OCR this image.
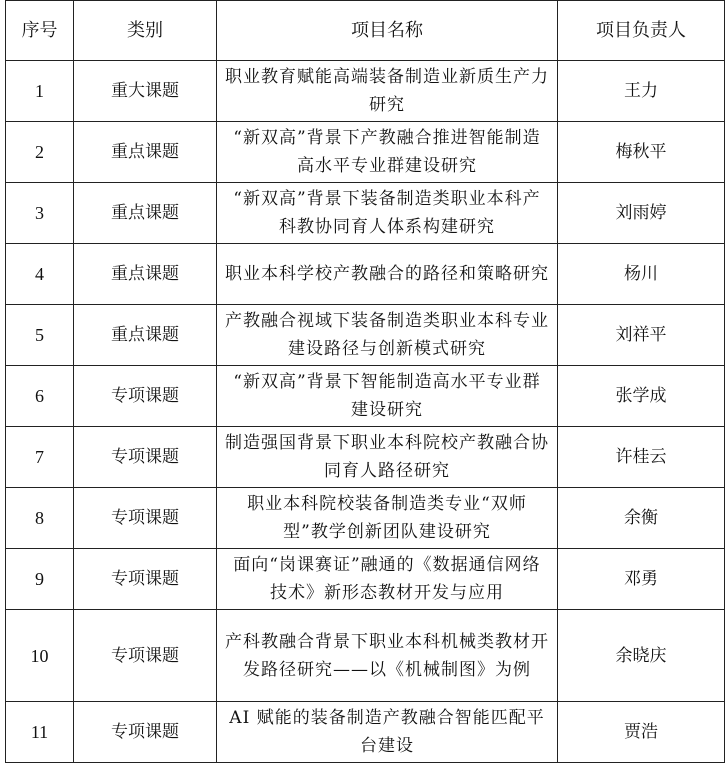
序号	类别	项目名称	项目负责人
1	重大课题	职业教育赋能高端装备制造业新质生产力研究	王力
2	重点课题	“新双高”背景下产教融合推进智能制造高水平专业群建设研究	梅秋平
3	重点课题	“新双高”背景下装备制造类职业本科产科教协同育人体系构建研究	刘雨婷
4	重点课题	职业本科学校产教融合的路径和策略研究	杨川
5	重点课题	产教融合视域下装备制造类职业本科专业建设路径与创新模式研究	刘祥平
6	专项课题	“新双高”背景下智能制造高水平专业群建设研究	张学成
7	专项课题	制造强国背景下职业本科院校产教融合协同育人路径研究	许桂云
8	专项课题	职业本科院校装备制造类专业“双师型”教学创新团队建设研究	余衡
9	专项课题	面向“岗课赛证”融通的《数据通信网络技术》新形态教材开发与应用	邓勇
10	专项课题	产科教融合背景下职业本科机械类教材开发路径研究——以《机械制图》为例	余晓庆
11	专项课题	AI 赋能的装备制造产教融合智能匹配平台建设	贾浩
